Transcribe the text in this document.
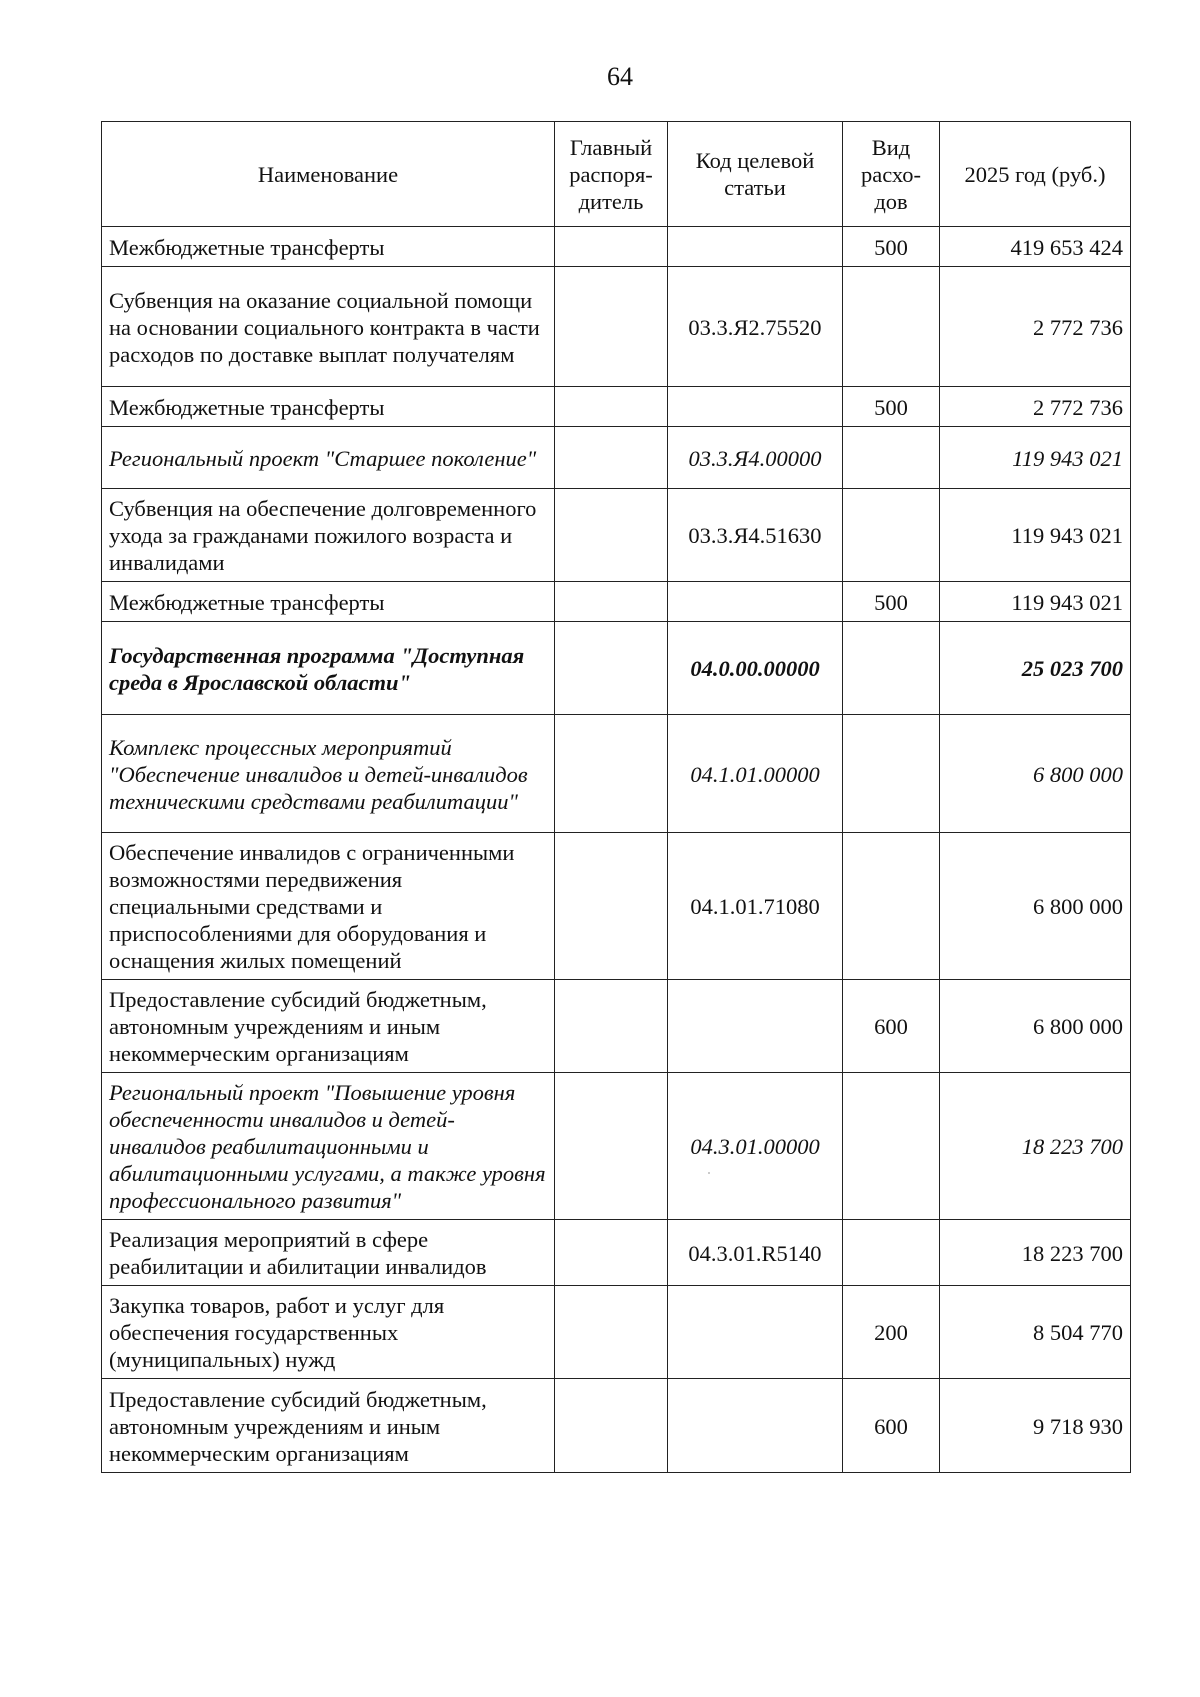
64
Наименование	Главный распоря-дитель	Код целевой статьи	Вид расхо-дов	2025 год (руб.)
Межбюджетные трансферты			500	419 653 424
Субвенция на оказание социальной помощи на основании социального контракта в части расходов по доставке выплат получателям		03.3.Я2.75520		2 772 736
Межбюджетные трансферты			500	2 772 736
Региональный проект "Старшее поколение"		03.3.Я4.00000		119 943 021
Субвенция на обеспечение долговременного ухода за гражданами пожилого возраста и инвалидами		03.3.Я4.51630		119 943 021
Межбюджетные трансферты			500	119 943 021
Государственная программа "Доступная среда в Ярославской области"		04.0.00.00000		25 023 700
Комплекс процессных мероприятий "Обеспечение инвалидов и детей-инвалидов техническими средствами реабилитации"		04.1.01.00000		6 800 000
Обеспечение инвалидов с ограниченными возможностями передвижения специальными средствами и приспособлениями для оборудования и оснащения жилых помещений		04.1.01.71080		6 800 000
Предоставление субсидий бюджетным, автономным учреждениям и иным некоммерческим организациям			600	6 800 000
Региональный проект "Повышение уровня обеспеченности инвалидов и детей-инвалидов реабилитационными и абилитационными услугами, а также уровня профессионального развития"		04.3.01.00000		18 223 700
Реализация мероприятий в сфере реабилитации и абилитации инвалидов		04.3.01.R5140		18 223 700
Закупка товаров, работ и услуг для обеспечения государственных (муниципальных) нужд			200	8 504 770
Предоставление субсидий бюджетным, автономным учреждениям и иным некоммерческим организациям			600	9 718 930
